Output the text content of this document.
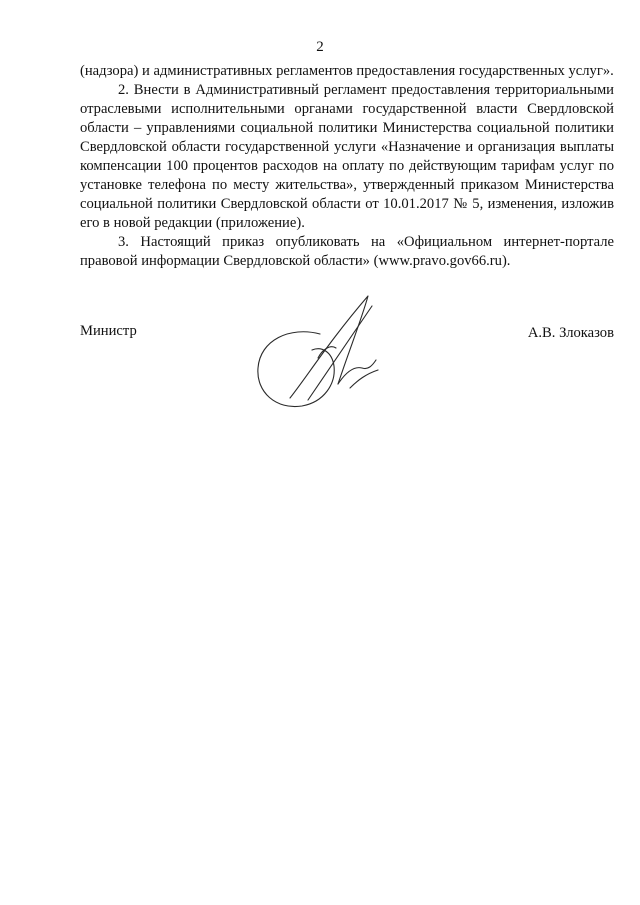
2

(надзора) и административных регламентов предоставления государственных услуг».

2. Внести в Административный регламент предоставления территориальными отраслевыми исполнительными органами государственной власти Свердловской области – управлениями социальной политики Министерства социальной политики Свердловской области государственной услуги «Назначение и организация выплаты компенсации 100 процентов расходов на оплату по действующим тарифам услуг по установке телефона по месту жительства», утвержденный приказом Министерства социальной политики Свердловской области от 10.01.2017 № 5, изменения, изложив его в новой редакции (приложение).

3. Настоящий приказ опубликовать на «Официальном интернет-портале правовой информации Свердловской области» (www.pravo.gov66.ru).

Министр	А.В. Злоказов
